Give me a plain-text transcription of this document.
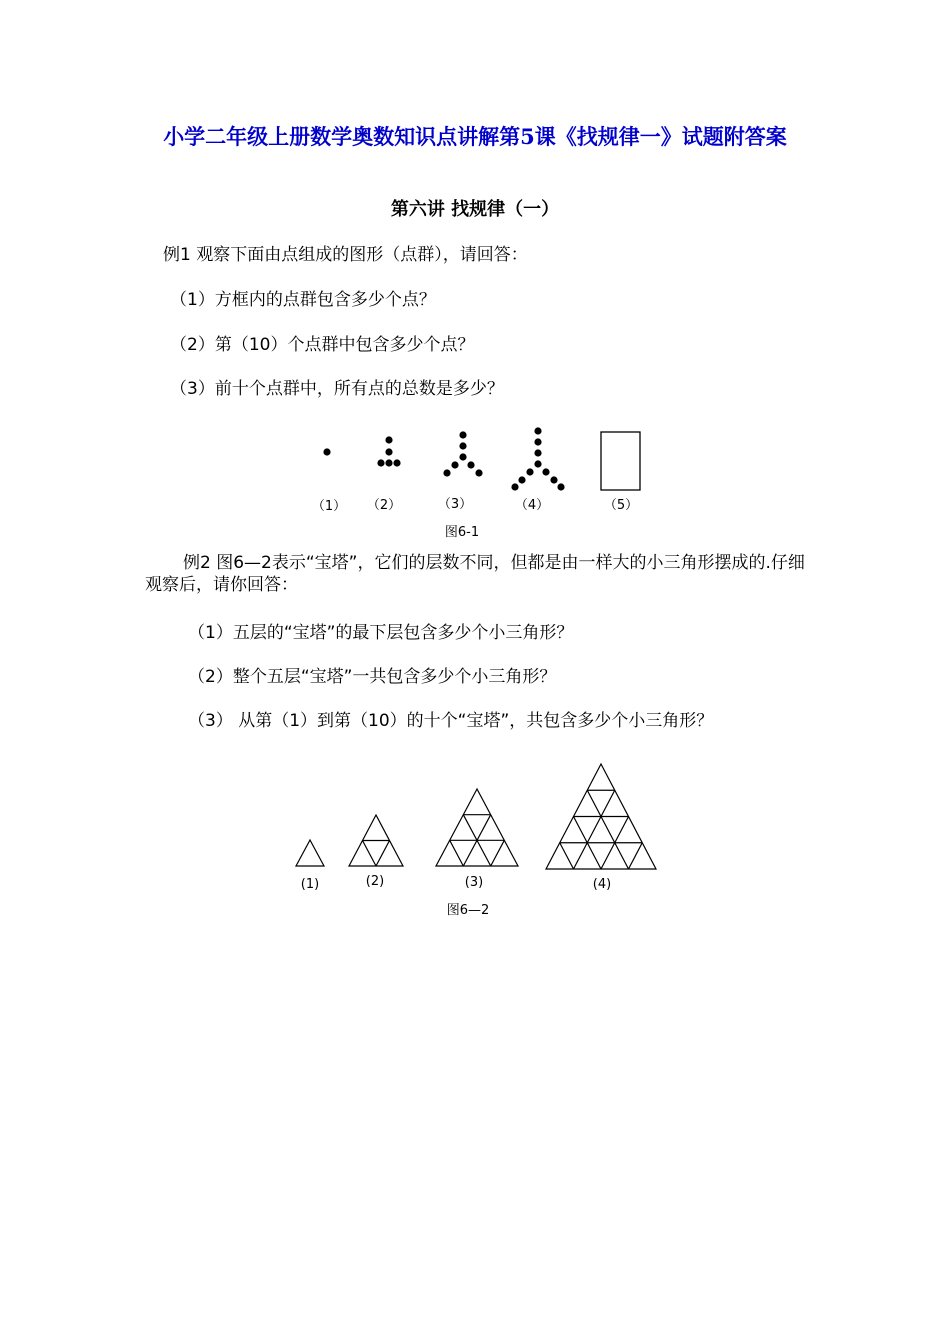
小学二年级上册数学奥数知识点讲解第5课《找规律一》试题附答案
第六讲 找规律（一）
例1 观察下面由点组成的图形（点群），请回答：
（1）方框内的点群包含多少个点？
（2）第（10）个点群中包含多少个点？
（3）前十个点群中，所有点的总数是多少？
例2 图6—2表示“宝塔”，它们的层数不同，但都是由一样大的小三角形摆成的.仔细观察后，请你回答：
（1）五层的“宝塔”的最下层包含多少个小三角形？
（2）整个五层“宝塔”一共包含多少个小三角形？
（3） 从第（1）到第（10）的十个“宝塔”，共包含多少个小三角形？
（1） （2）	（3）	（4）	（5）
图6-1
(1)	(2)	(3)	(4)
图6—2
